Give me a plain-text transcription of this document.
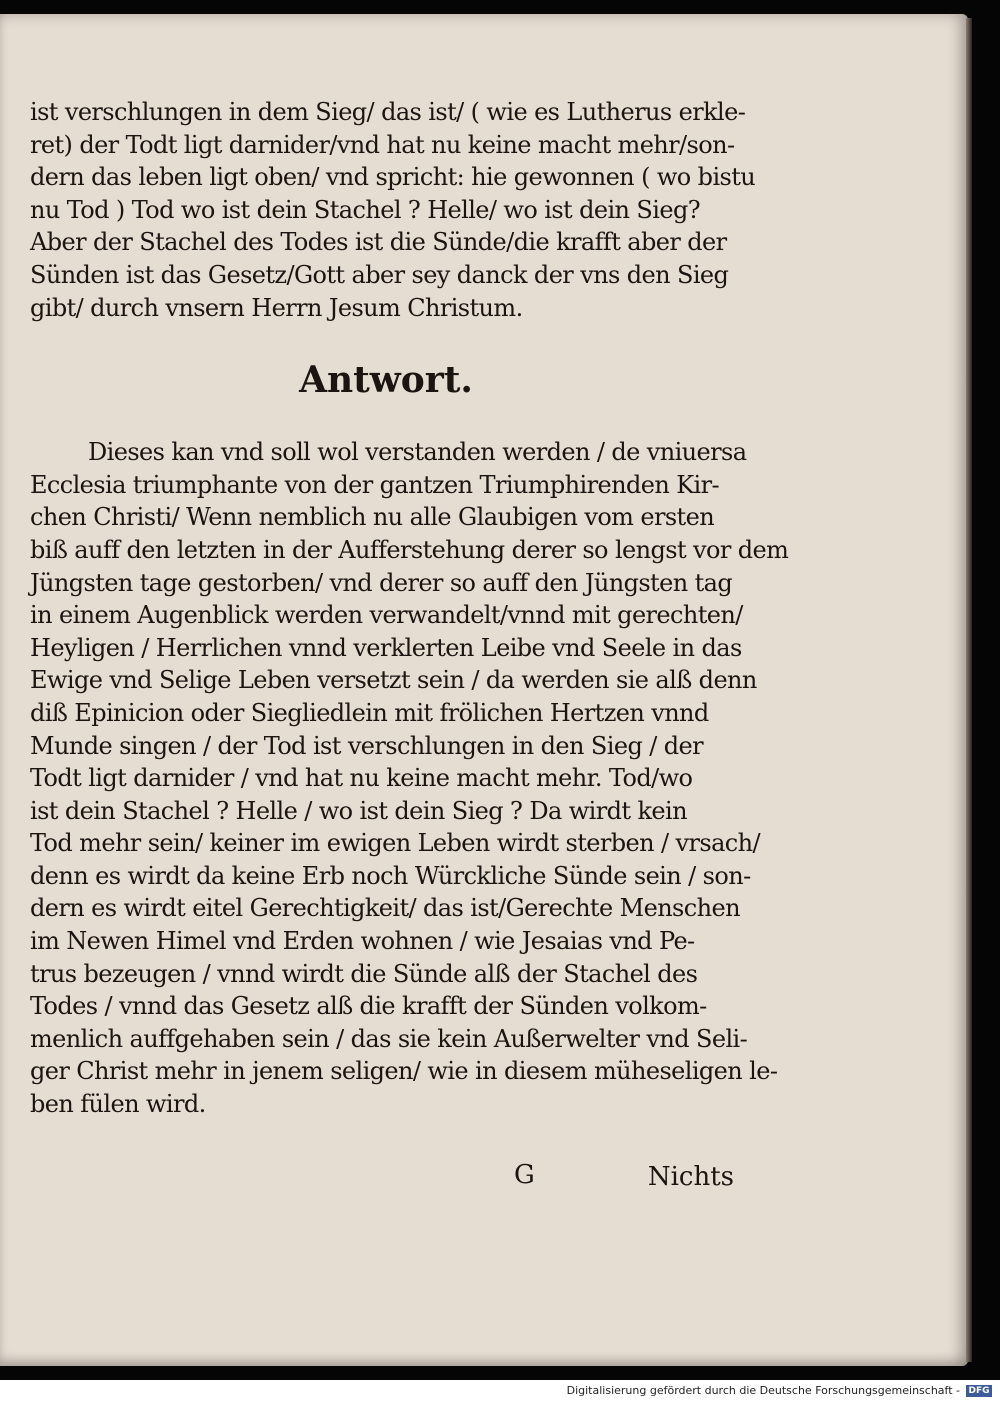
ist verschlungen in dem Sieg/ das ist/ ( wie es Lutherus erkle-
ret) der Todt ligt darnider/vnd hat nu keine macht mehr/son-
dern das leben ligt oben/ vnd spricht: hie gewonnen ( wo bistu
nu Tod ) Tod wo ist dein Stachel ? Helle/ wo ist dein Sieg?
Aber der Stachel des Todes ist die Sünde/die krafft aber der
Sünden ist das Gesetz/Gott aber sey danck der vns den Sieg
gibt/ durch vnsern Herrn Jesum Christum.
Antwort.
Dieses kan vnd soll wol verstanden werden / de vniuersa
Ecclesia triumphante von der gantzen Triumphirenden Kir-
chen Christi/ Wenn nemblich nu alle Glaubigen vom ersten
biß auff den letzten in der Aufferstehung derer so lengst vor dem
Jüngsten tage gestorben/ vnd derer so auff den Jüngsten tag
in einem Augenblick werden verwandelt/vnnd mit gerechten/
Heyligen / Herrlichen vnnd verklerten Leibe vnd Seele in das
Ewige vnd Selige Leben versetzt sein / da werden sie alß denn
diß Epinicion oder Siegliedlein mit frölichen Hertzen vnnd
Munde singen / der Tod ist verschlungen in den Sieg / der
Todt ligt darnider / vnd hat nu keine macht mehr. Tod/wo
ist dein Stachel ? Helle / wo ist dein Sieg ? Da wirdt kein
Tod mehr sein/ keiner im ewigen Leben wirdt sterben / vrsach/
denn es wirdt da keine Erb noch Würckliche Sünde sein / son-
dern es wirdt eitel Gerechtigkeit/ das ist/Gerechte Menschen
im Newen Himel vnd Erden wohnen / wie Jesaias vnd Pe-
trus bezeugen / vnnd wirdt die Sünde alß der Stachel des
Todes / vnnd das Gesetz alß die krafft der Sünden volkom-
menlich auffgehaben sein / das sie kein Außerwelter vnd Seli-
ger Christ mehr in jenem seligen/ wie in diesem müheseligen le-
ben fülen wird.
G	Nichts
Digitalisierung gefördert durch die Deutsche Forschungsgemeinschaft - DFG
